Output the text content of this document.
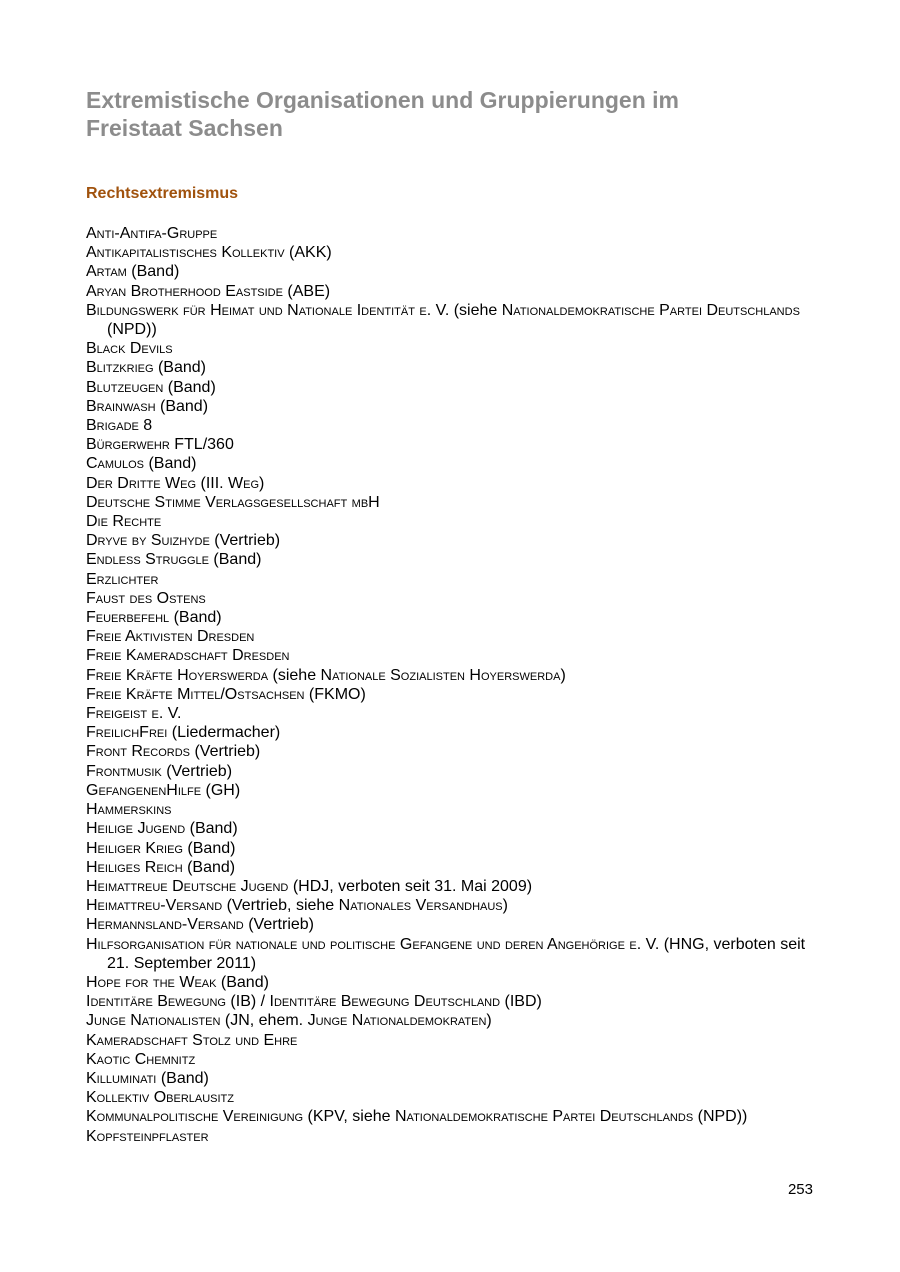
Extremistische Organisationen und Gruppierungen im
Freistaat Sachsen
Rechtsextremismus
Anti-Antifa-Gruppe
Antikapitalistisches Kollektiv (AKK)
Artam (Band)
Aryan Brotherhood Eastside (ABE)
Bildungswerk für Heimat und Nationale Identität e. V. (siehe Nationaldemokratische Partei Deutschlands (NPD))
Black Devils
Blitzkrieg (Band)
Blutzeugen (Band)
Brainwash (Band)
Brigade 8
Bürgerwehr FTL/360
Camulos (Band)
Der Dritte Weg (III. Weg)
Deutsche Stimme Verlagsgesellschaft mbH
Die Rechte
Dryve by Suizhyde (Vertrieb)
Endless Struggle (Band)
Erzlichter
Faust des Ostens
Feuerbefehl (Band)
Freie Aktivisten Dresden
Freie Kameradschaft Dresden
Freie Kräfte Hoyerswerda (siehe Nationale Sozialisten Hoyerswerda)
Freie Kräfte Mittel/Ostsachsen (FKMO)
Freigeist e. V.
FreilichFrei (Liedermacher)
Front Records (Vertrieb)
Frontmusik (Vertrieb)
GefangenenHilfe (GH)
Hammerskins
Heilige Jugend (Band)
Heiliger Krieg (Band)
Heiliges Reich (Band)
Heimattreue Deutsche Jugend (HDJ, verboten seit 31. Mai 2009)
Heimattreu-Versand (Vertrieb, siehe Nationales Versandhaus)
Hermannsland-Versand (Vertrieb)
Hilfsorganisation für nationale und politische Gefangene und deren Angehörige e. V. (HNG, verboten seit 21. September 2011)
Hope for the Weak (Band)
Identitäre Bewegung (IB) / Identitäre Bewegung Deutschland (IBD)
Junge Nationalisten (JN, ehem. Junge Nationaldemokraten)
Kameradschaft Stolz und Ehre
Kaotic Chemnitz
Killuminati (Band)
Kollektiv Oberlausitz
Kommunalpolitische Vereinigung (KPV, siehe Nationaldemokratische Partei Deutschlands (NPD))
Kopfsteinpflaster
253
